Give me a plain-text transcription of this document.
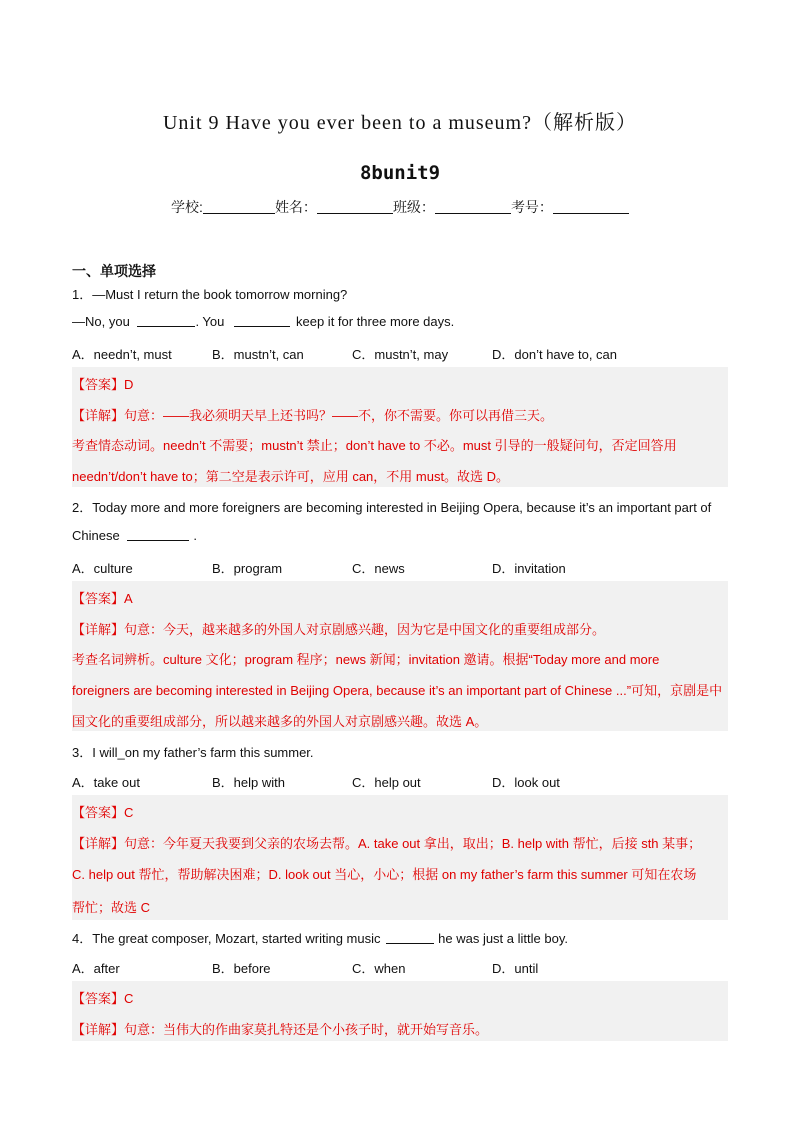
Unit 9 Have you ever been to a museum?（解析版）
8bunit9
学校:	姓名：	班级：	考号：
一、单项选择
1．—Must I return the book tomorrow morning?
—No, you	. You	keep it for three more days.
A．needn’t, must	B．mustn’t, can	C．mustn’t, may	D．don’t have to, can
【答案】D
【详解】句意：——我必须明天早上还书吗？——不，你不需要。你可以再借三天。
考查情态动词。needn’t 不需要；mustn’t 禁止；don’t have to 不必。must 引导的一般疑问句，否定回答用
needn’t/don’t have to；第二空是表示许可，应用 can，不用 must。故选 D。
2．Today more and more foreigners are becoming interested in Beijing Opera, because it’s an important part of
Chinese	.
A．culture	B．program	C．news	D．invitation
【答案】A
【详解】句意：今天，越来越多的外国人对京剧感兴趣，因为它是中国文化的重要组成部分。
考查名词辨析。culture 文化；program 程序；news 新闻；invitation 邀请。根据“Today more and more
foreigners are becoming interested in Beijing Opera, because it’s an important part of Chinese ...”可知，京剧是中
国文化的重要组成部分，所以越来越多的外国人对京剧感兴趣。故选 A。
3．I will_on my father’s farm this summer.
A．take out	B．help with	C．help out	D．look out
【答案】C
【详解】句意：今年夏天我要到父亲的农场去帮。A. take out 拿出，取出；B. help with 帮忙，后接 sth 某事；
C. help out 帮忙，帮助解决困难；D. look out 当心，小心；根据 on my father’s farm this summer 可知在农场
帮忙；故选 C
4．The great composer, Mozart, started writing music	he was just a little boy.
A．after	B．before	C．when	D．until
【答案】C
【详解】句意：当伟大的作曲家莫扎特还是个小孩子时，就开始写音乐。
